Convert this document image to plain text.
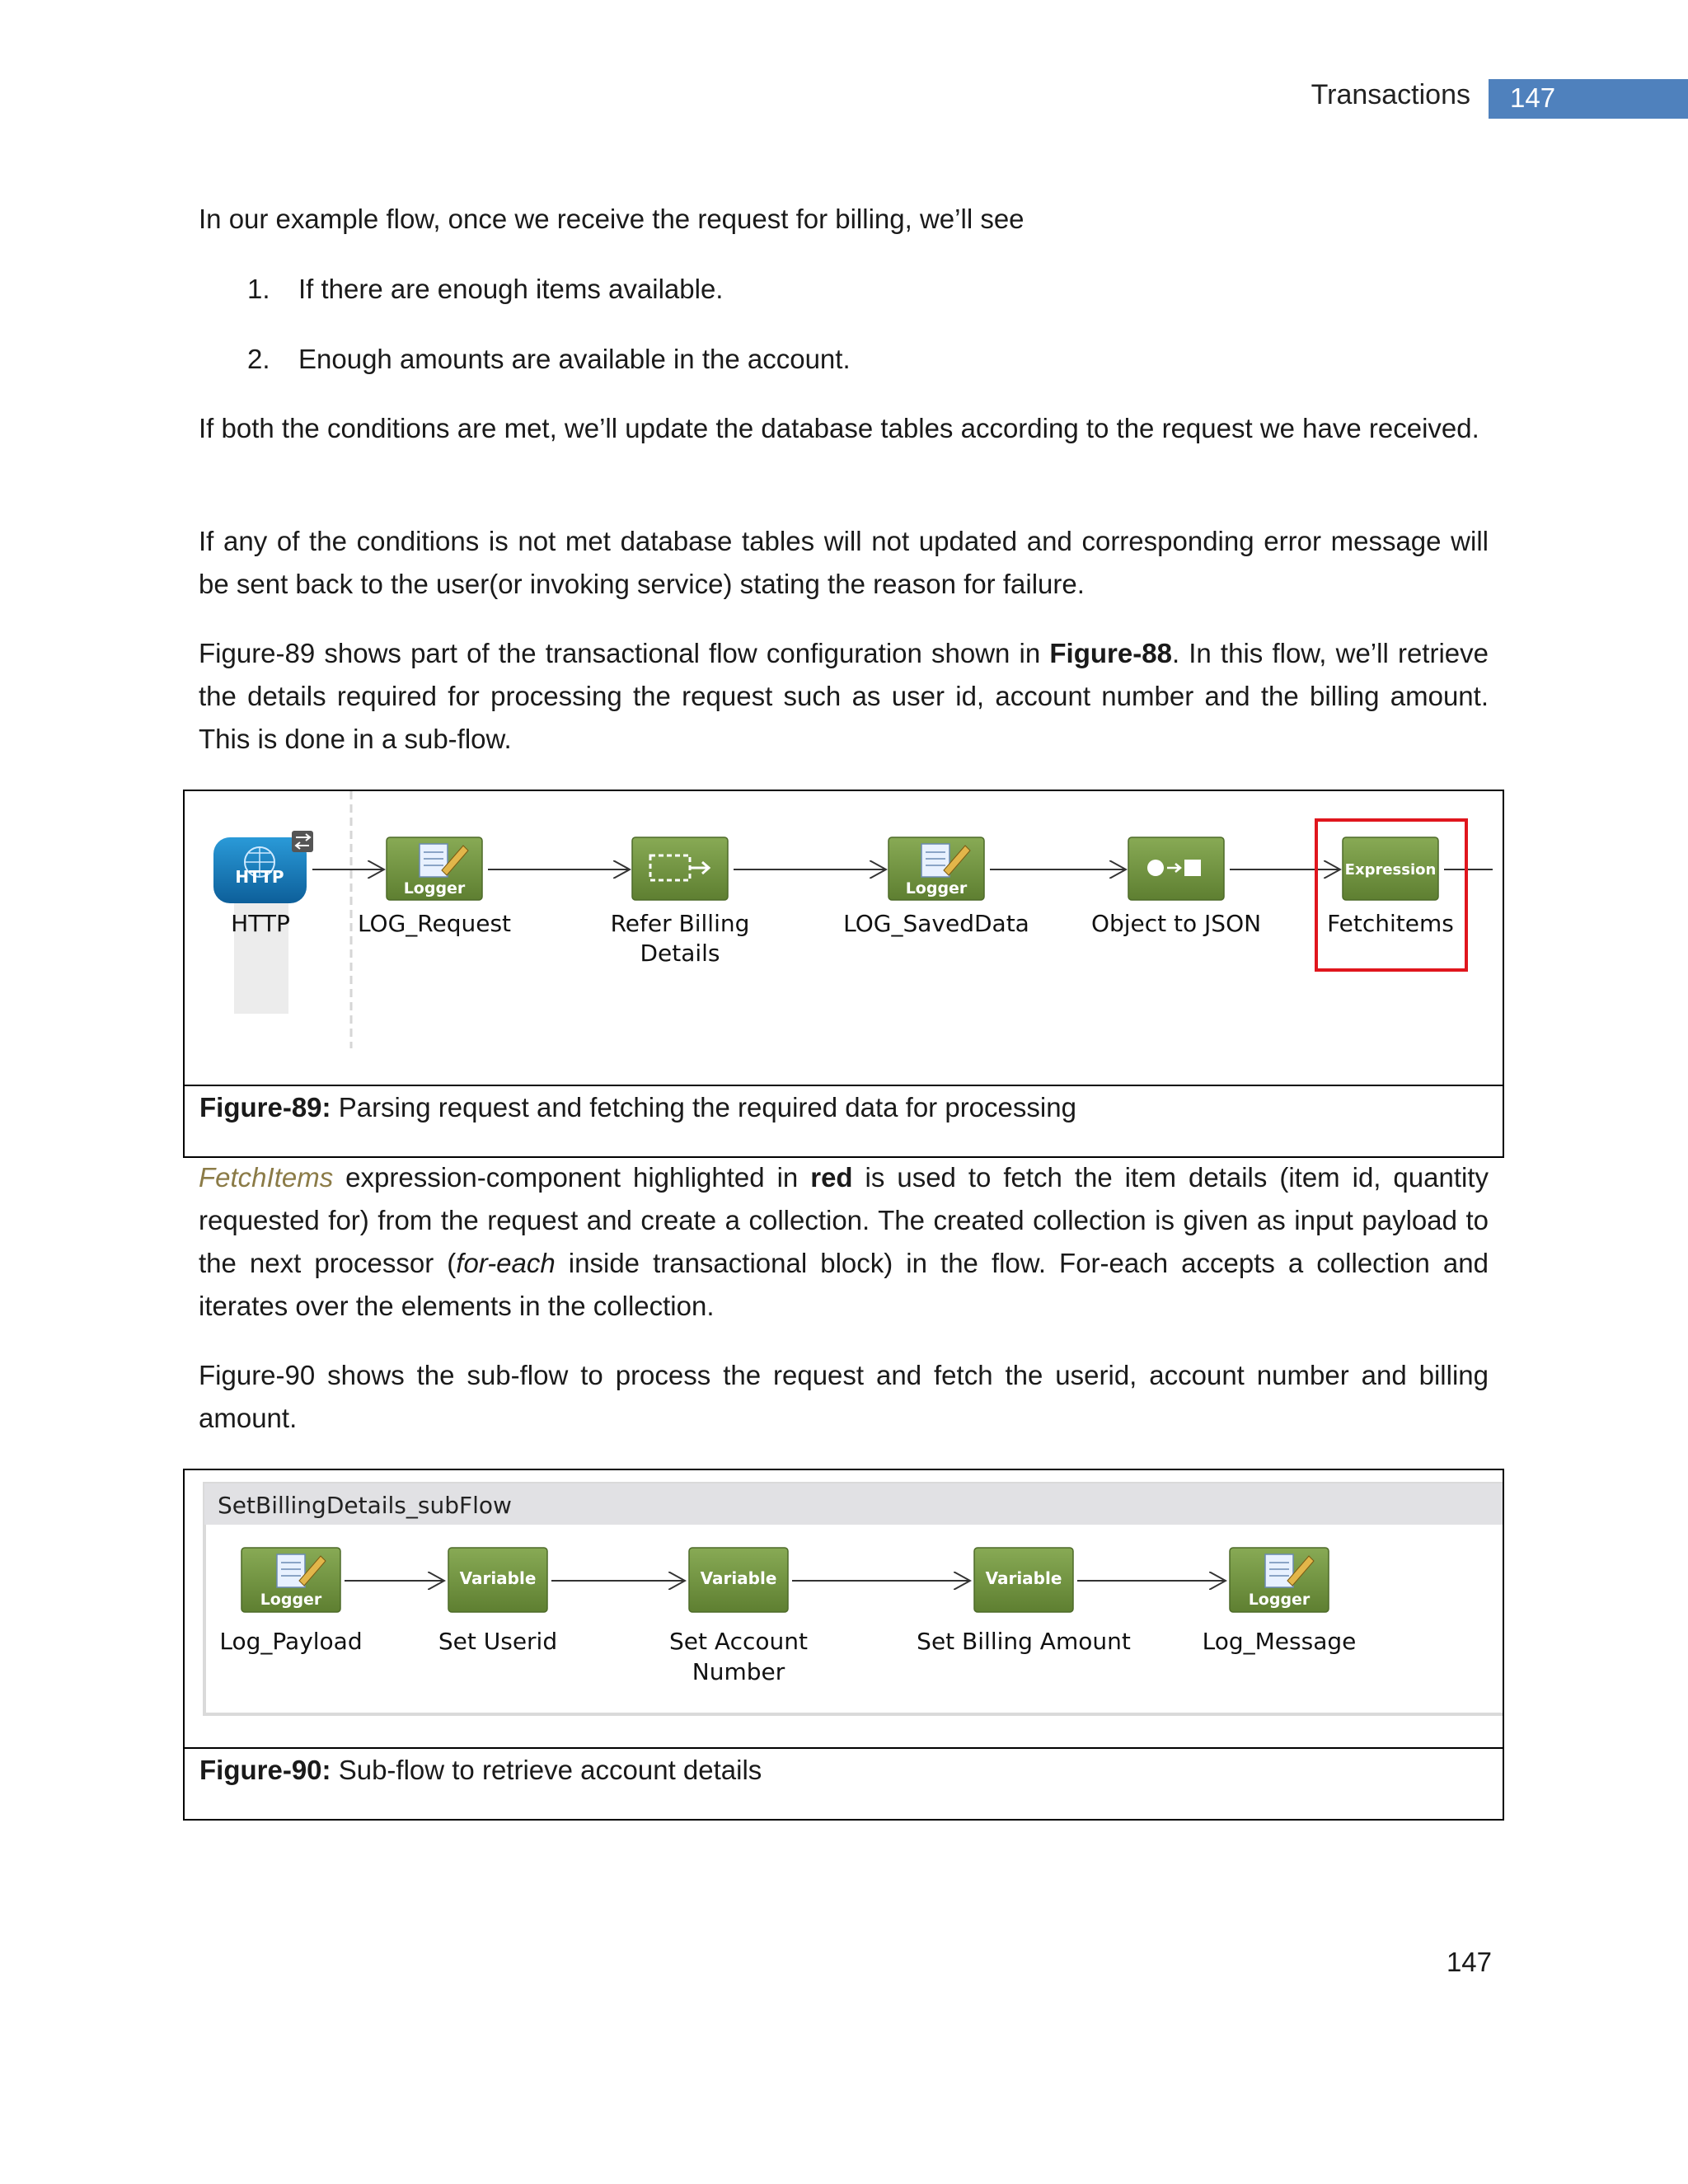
Transactions 147

In our example flow, once we receive the request for billing, we’ll see

1. If there are enough items available.
2. Enough amounts are available in the account.

If both the conditions are met, we’ll update the database tables according to the request we have received.

If any of the conditions is not met database tables will not updated and corresponding error message will be sent back to the user(or invoking service) stating the reason for failure.

Figure-89 shows part of the transactional flow configuration shown in Figure-88. In this flow, we’ll retrieve the details required for processing the request such as user id, account number and the billing amount. This is done in a sub-flow.

HTTP
HTTP
Logger
LOG_Request	Refer Billing
Details
Logger
LOG_SavedData	Object to JSON
Expression
Fetchitems
Figure-89: Parsing request and fetching the required data for processing

FetchItems expression-component highlighted in red is used to fetch the item details (item id, quantity requested for) from the request and create a collection. The created collection is given as input payload to the next processor (for-each inside transactional block) in the flow. For-each accepts a collection and iterates over the elements in the collection.

Figure-90 shows the sub-flow to process the request and fetch the userid, account number and billing amount.

SetBillingDetails_subFlow
Logger
Log_Payload
Variable
Set Userid
Variable
Set Account
Number
Variable
Set Billing Amount
Logger
Log_Message
Figure-90: Sub-flow to retrieve account details
147
